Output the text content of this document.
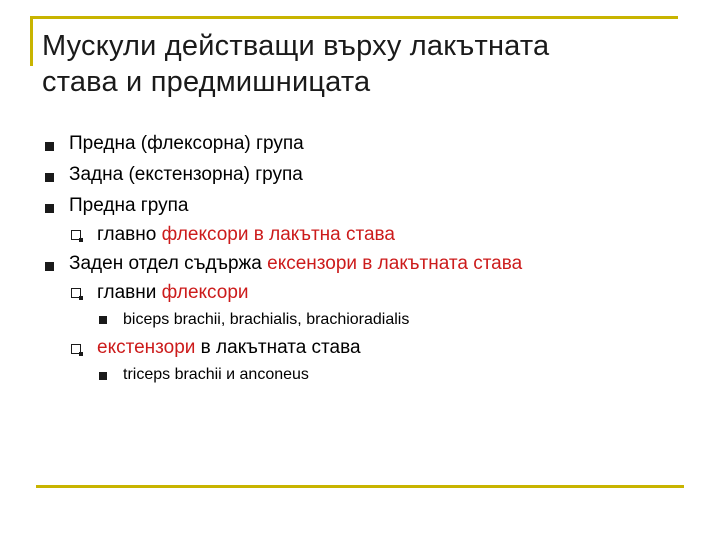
Мускули действащи върху лакътната
става и предмишницата
Предна (флексорна) група
Задна (екстензорна) група
Предна група
главно флексори в лакътна става
Заден отдел съдържа ексензори в лакътната става
главни флексори
biceps brachii, brachialis, brachioradialis
екстензори в лакътната става
triceps brachii и anconeus
